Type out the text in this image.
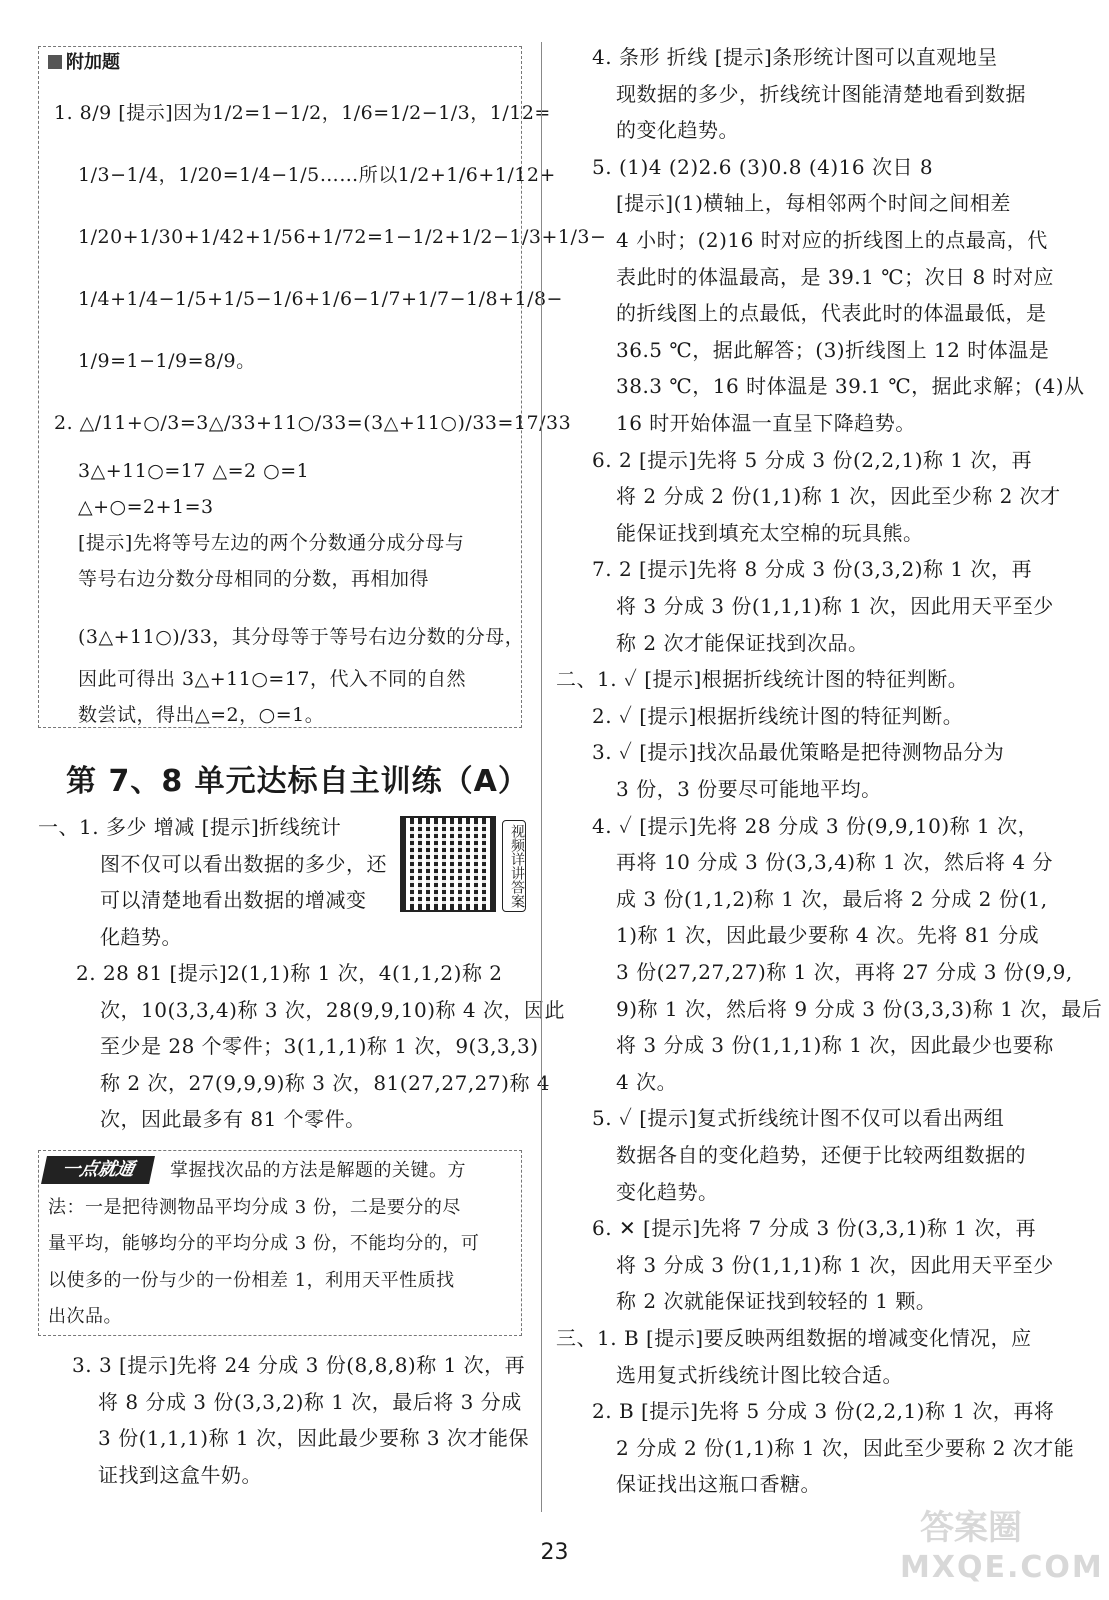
附加题
1. 8/9 [提示]因为1/2=1−1/2，1/6=1/2−1/3，1/12=
1/3−1/4，1/20=1/4−1/5……所以1/2+1/6+1/12+
1/20+1/30+1/42+1/56+1/72=1−1/2+1/2−1/3+1/3−
1/4+1/4−1/5+1/5−1/6+1/6−1/7+1/7−1/8+1/8−
1/9=1−1/9=8/9。
2. △/11+○/3=3△/33+11○/33=(3△+11○)/33=17/33
3△+11○=17 △=2 ○=1
△+○=2+1=3
[提示]先将等号左边的两个分数通分成分母与
等号右边分数分母相同的分数，再相加得
(3△+11○)/33，其分母等于等号右边分数的分母，
因此可得出 3△+11○=17，代入不同的自然
数尝试，得出△=2，○=1。
第 7、8 单元达标自主训练（A）
视频详讲答案
一、1. 多少 增减 [提示]折线统计
图不仅可以看出数据的多少，还
可以清楚地看出数据的增减变
化趋势。
2. 28 81 [提示]2(1,1)称 1 次，4(1,1,2)称 2
次，10(3,3,4)称 3 次，28(9,9,10)称 4 次，因此
至少是 28 个零件；3(1,1,1)称 1 次，9(3,3,3)
称 2 次，27(9,9,9)称 3 次，81(27,27,27)称 4
次，因此最多有 81 个零件。
一点就通	掌握找次品的方法是解题的关键。方
法：一是把待测物品平均分成 3 份，二是要分的尽
量平均，能够均分的平均分成 3 份，不能均分的，可
以使多的一份与少的一份相差 1，利用天平性质找
出次品。
3. 3 [提示]先将 24 分成 3 份(8,8,8)称 1 次，再
将 8 分成 3 份(3,3,2)称 1 次，最后将 3 分成
3 份(1,1,1)称 1 次，因此最少要称 3 次才能保
证找到这盒牛奶。
4. 条形 折线 [提示]条形统计图可以直观地呈
现数据的多少，折线统计图能清楚地看到数据
的变化趋势。
5. (1)4 (2)2.6 (3)0.8 (4)16 次日 8
[提示](1)横轴上，每相邻两个时间之间相差
4 小时；(2)16 时对应的折线图上的点最高，代
表此时的体温最高，是 39.1 ℃；次日 8 时对应
的折线图上的点最低，代表此时的体温最低，是
36.5 ℃，据此解答；(3)折线图上 12 时体温是
38.3 ℃，16 时体温是 39.1 ℃，据此求解；(4)从
16 时开始体温一直呈下降趋势。
6. 2 [提示]先将 5 分成 3 份(2,2,1)称 1 次，再
将 2 分成 2 份(1,1)称 1 次，因此至少称 2 次才
能保证找到填充太空棉的玩具熊。
7. 2 [提示]先将 8 分成 3 份(3,3,2)称 1 次，再
将 3 分成 3 份(1,1,1)称 1 次，因此用天平至少
称 2 次才能保证找到次品。
二、1. ✓ [提示]根据折线统计图的特征判断。
2. ✓ [提示]根据折线统计图的特征判断。
3. ✓ [提示]找次品最优策略是把待测物品分为
3 份，3 份要尽可能地平均。
4. ✓ [提示]先将 28 分成 3 份(9,9,10)称 1 次，
再将 10 分成 3 份(3,3,4)称 1 次，然后将 4 分
成 3 份(1,1,2)称 1 次，最后将 2 分成 2 份(1,
1)称 1 次，因此最少要称 4 次。先将 81 分成
3 份(27,27,27)称 1 次，再将 27 分成 3 份(9,9,
9)称 1 次，然后将 9 分成 3 份(3,3,3)称 1 次，最后
将 3 分成 3 份(1,1,1)称 1 次，因此最少也要称
4 次。
5. ✓ [提示]复式折线统计图不仅可以看出两组
数据各自的变化趋势，还便于比较两组数据的
变化趋势。
6. ✕ [提示]先将 7 分成 3 份(3,3,1)称 1 次，再
将 3 分成 3 份(1,1,1)称 1 次，因此用天平至少
称 2 次就能保证找到较轻的 1 颗。
三、1. B [提示]要反映两组数据的增减变化情况，应
选用复式折线统计图比较合适。
2. B [提示]先将 5 分成 3 份(2,2,1)称 1 次，再将
2 分成 2 份(1,1)称 1 次，因此至少要称 2 次才能
保证找出这瓶口香糖。
23
答案圈
MXQE.COM
